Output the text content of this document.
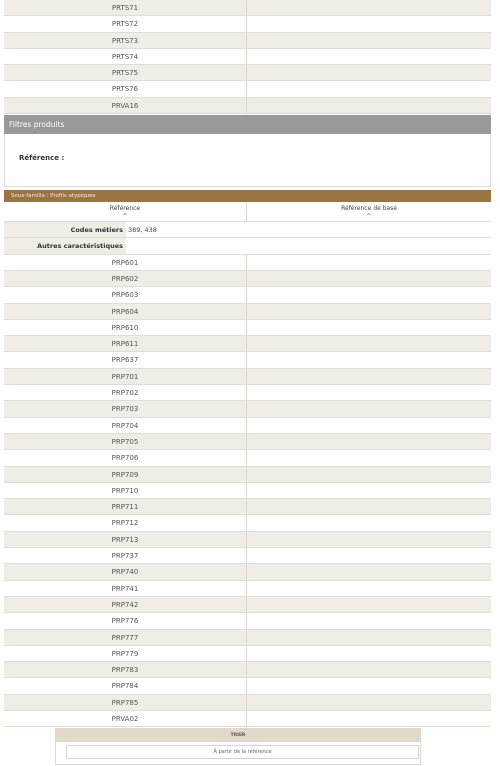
PRTS71
PRTS72
PRTS73
PRTS74
PRTS75
PRTS76
PRVA16
Filtres produits
Référence :
Sous-famille : Profils atypiques
Référence
⌃
Référence de base
⌃
Codes métiers 389, 438
Autres caractéristiques
PRP601
PRP602
PRP603
PRP604
PRP610
PRP611
PRP637
PRP701
PRP702
PRP703
PRP704
PRP705
PRP706
PRP709
PRP710
PRP711
PRP712
PRP713
PRP737
PRP740
PRP741
PRP742
PRP776
PRP777
PRP779
PRP783
PRP784
PRP785
PRVA02
TRIER
À partir de la référence
